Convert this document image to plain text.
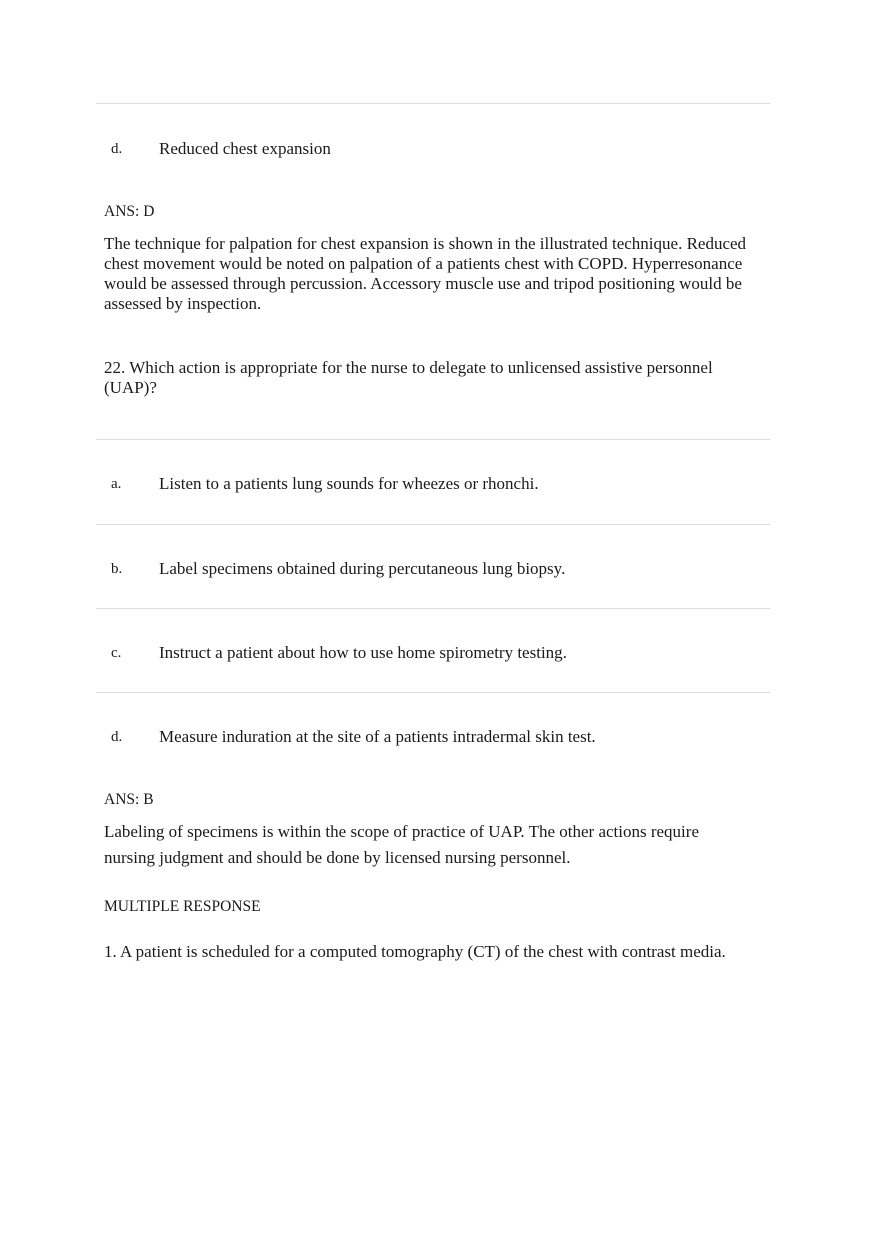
d. Reduced chest expansion
ANS: D
The technique for palpation for chest expansion is shown in the illustrated technique. Reduced chest movement would be noted on palpation of a patients chest with COPD. Hyperresonance would be assessed through percussion. Accessory muscle use and tripod positioning would be assessed by inspection.
22. Which action is appropriate for the nurse to delegate to unlicensed assistive personnel (UAP)?
a. Listen to a patients lung sounds for wheezes or rhonchi.
b. Label specimens obtained during percutaneous lung biopsy.
c. Instruct a patient about how to use home spirometry testing.
d. Measure induration at the site of a patients intradermal skin test.
ANS: B
Labeling of specimens is within the scope of practice of UAP. The other actions require nursing judgment and should be done by licensed nursing personnel.
MULTIPLE RESPONSE
1. A patient is scheduled for a computed tomography (CT) of the chest with contrast media.
